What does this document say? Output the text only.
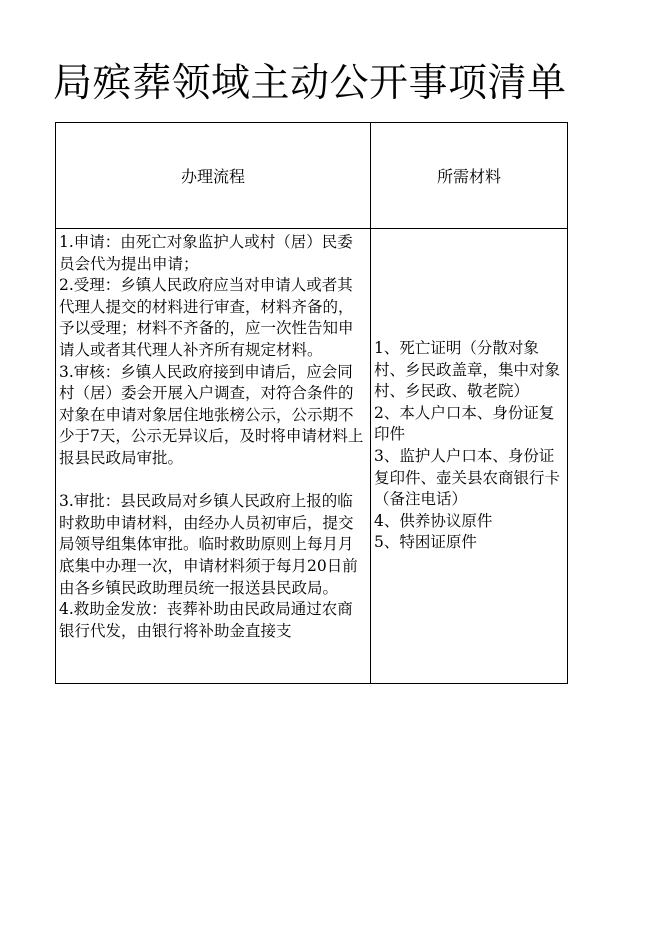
局殡葬领域主动公开事项清单
办理流程	所需材料

1.申请：由死亡对象监护人或村（居）民委员会代为提出申请；

2.受理：乡镇人民政府应当对申请人或者其代理人提交的材料进行审查，材料齐备的，予以受理；材料不齐备的，应一次性告知申请人或者其代理人补齐所有规定材料。

3.审核：乡镇人民政府接到申请后，应会同村（居）委会开展入户调查，对符合条件的对象在申请对象居住地张榜公示，公示期不少于7天，公示无异议后，及时将申请材料上报县民政局审批。

3.审批：县民政局对乡镇人民政府上报的临时救助申请材料，由经办人员初审后，提交局领导组集体审批。临时救助原则上每月月底集中办理一次，申请材料须于每月20日前由各乡镇民政助理员统一报送县民政局。

4.救助金发放：丧葬补助由民政局通过农商银行代发，由银行将补助金直接支

1、死亡证明（分散对象村、乡民政盖章，集中对象村、乡民政、敬老院）

2、本人户口本、身份证复印件

3、监护人户口本、身份证复印件、壶关县农商银行卡（备注电话）

4、供养协议原件

5、特困证原件
